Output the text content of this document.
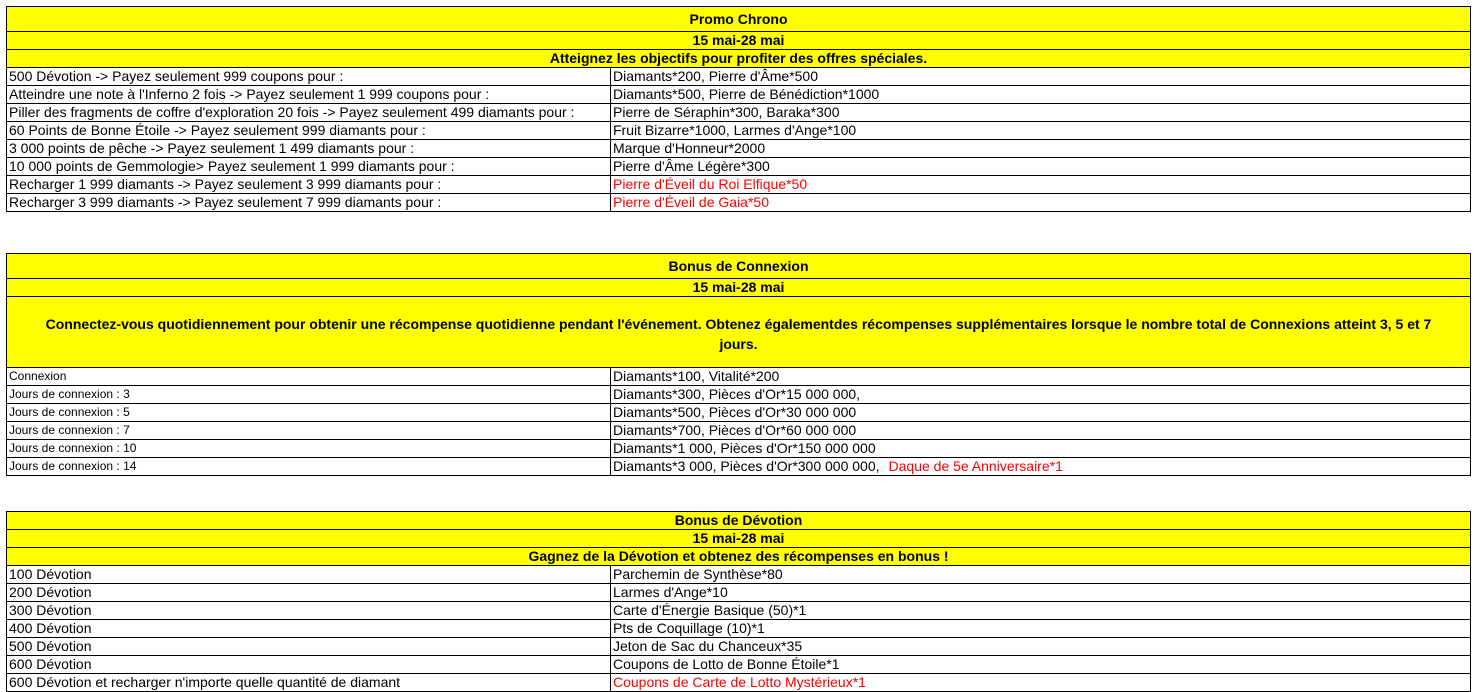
Promo Chrono	
15 mai-28 mai	
Atteignez les objectifs pour profiter des offres spéciales.	
500 Dévotion -> Payez seulement 999 coupons pour :	Diamants*200, Pierre d'Âme*500
Atteindre une note à l'Inferno 2 fois -> Payez seulement 1 999 coupons pour :	Diamants*500, Pierre de Bénédiction*1000
Piller des fragments de coffre d'exploration 20 fois -> Payez seulement 499 diamants pour :	Pierre de Séraphin*300, Baraka*300
60 Points de Bonne Étoile -> Payez seulement 999 diamants pour :	Fruit Bizarre*1000, Larmes d'Ange*100
3 000 points de pêche -> Payez seulement 1 499 diamants pour :	Marque d'Honneur*2000
10 000 points de Gemmologie> Payez seulement 1 999 diamants pour :	Pierre d'Âme Légère*300
Recharger 1 999 diamants -> Payez seulement 3 999 diamants pour :	Pierre d'Éveil du Roi Elfique*50
Recharger 3 999 diamants -> Payez seulement 7 999 diamants pour :	Pierre d'Éveil de Gaia*50
Bonus de Connexion	
15 mai-28 mai	
Connectez-vous quotidiennement pour obtenir une récompense quotidienne pendant l'événement. Obtenez égalementdes récompenses supplémentaires lorsque le nombre total de Connexions atteint 3, 5 et 7 jours.	
Connexion	Diamants*100, Vitalité*200
Jours de connexion : 3	Diamants*300, Pièces d'Or*15 000 000,
Jours de connexion : 5	Diamants*500, Pièces d'Or*30 000 000
Jours de connexion : 7	Diamants*700, Pièces d'Or*60 000 000
Jours de connexion : 10	Diamants*1 000, Pièces d'Or*150 000 000
Jours de connexion : 14	Diamants*3 000, Pièces d'Or*300 000 000, Daque de 5e Anniversaire*1
Bonus de Dévotion	
15 mai-28 mai	
Gagnez de la Dévotion et obtenez des récompenses en bonus !	
100 Dévotion	Parchemin de Synthèse*80
200 Dévotion	Larmes d'Ange*10
300 Dévotion	Carte d'Énergie Basique (50)*1
400 Dévotion	Pts de Coquillage (10)*1
500 Dévotion	Jeton de Sac du Chanceux*35
600 Dévotion	Coupons de Lotto de Bonne Étoile*1
600 Dévotion et recharger n'importe quelle quantité de diamant	Coupons de Carte de Lotto Mystérieux*1
